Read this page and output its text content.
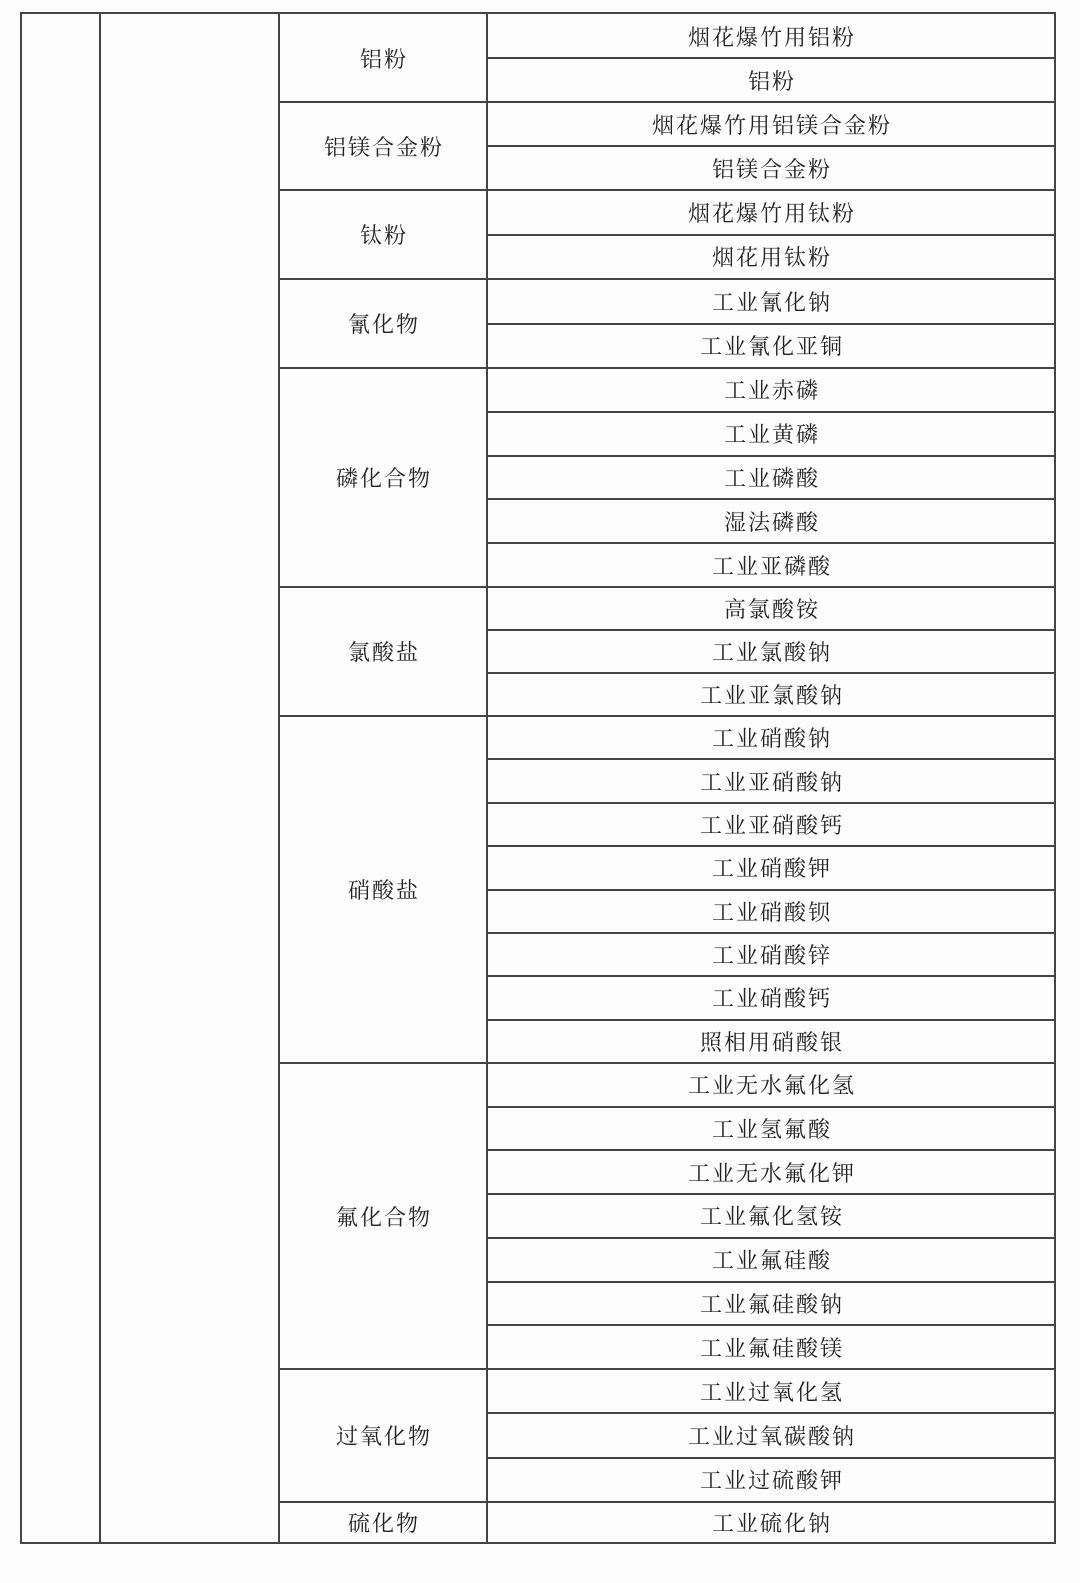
铝粉
烟花爆竹用铝粉
铝粉
铝镁合金粉
烟花爆竹用铝镁合金粉
铝镁合金粉
钛粉
烟花爆竹用钛粉
烟花用钛粉
氰化物
工业氰化钠
工业氰化亚铜
磷化合物
工业赤磷
工业黄磷
工业磷酸
湿法磷酸
工业亚磷酸
氯酸盐
高氯酸铵
工业氯酸钠
工业亚氯酸钠
硝酸盐
工业硝酸钠
工业亚硝酸钠
工业亚硝酸钙
工业硝酸钾
工业硝酸钡
工业硝酸锌
工业硝酸钙
照相用硝酸银
氟化合物
工业无水氟化氢
工业氢氟酸
工业无水氟化钾
工业氟化氢铵
工业氟硅酸
工业氟硅酸钠
工业氟硅酸镁
过氧化物
工业过氧化氢
工业过氧碳酸钠
工业过硫酸钾
硫化物	工业硫化钠
